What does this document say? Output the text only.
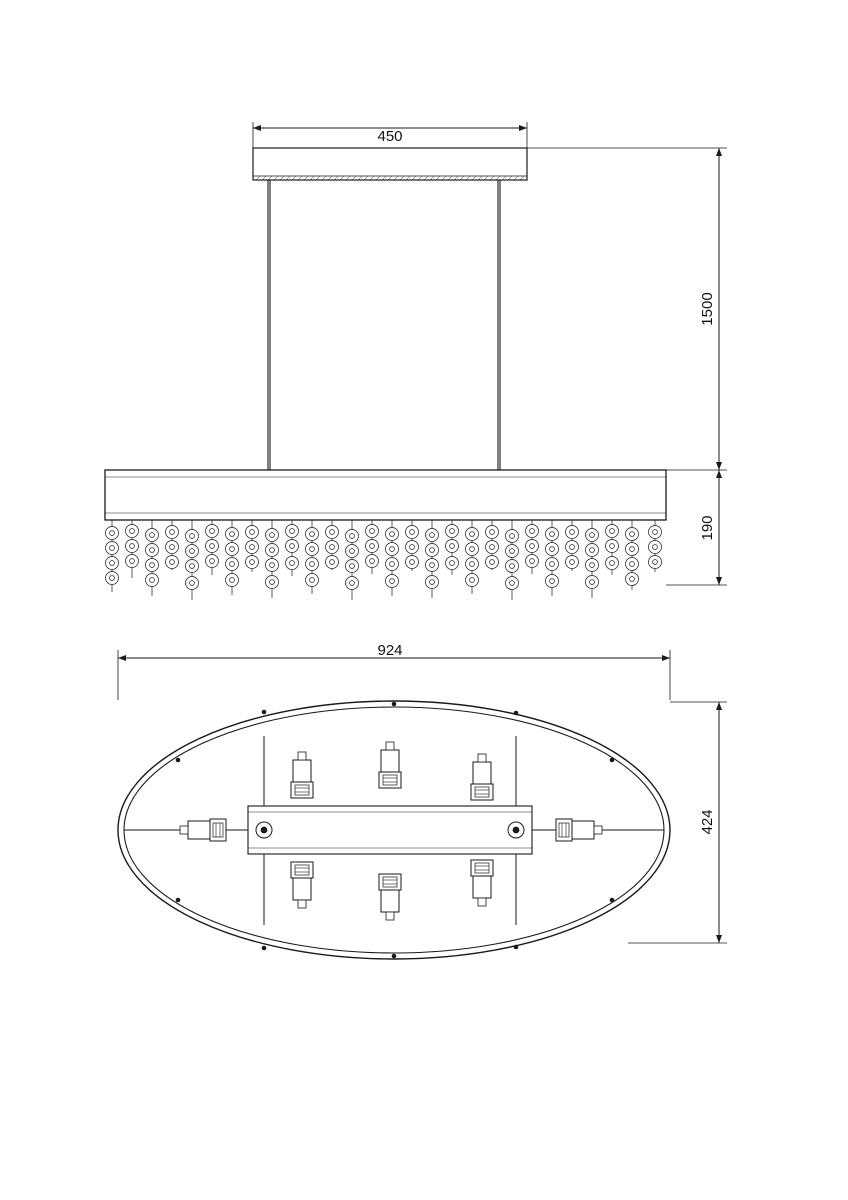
450
1500
190
924
424
